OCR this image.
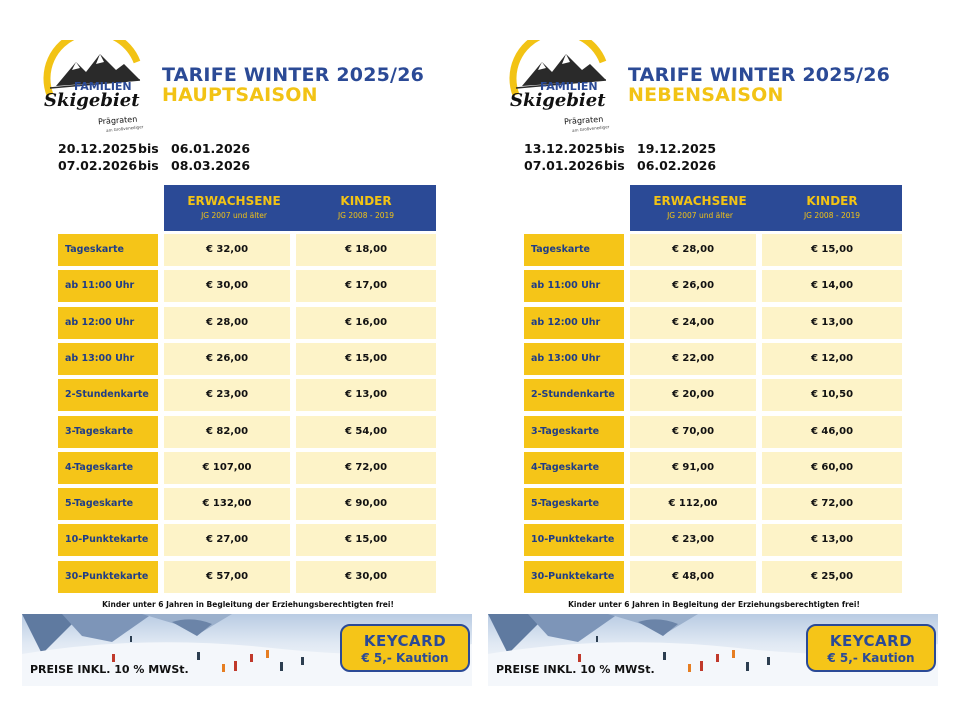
FAMILIEN
Skigebiet
Prägraten
am Großvenediger
TARIFE WINTER 2025/26
HAUPTSAISON
20.12.2025bis 06.01.2026
07.02.2026bis 08.03.2026
ERWACHSENE
JG 2007 und älter
KINDER
JG 2008 - 2019
Tageskarte	€ 32,00	€ 18,00
ab 11:00 Uhr	€ 30,00	€ 17,00
ab 12:00 Uhr	€ 28,00	€ 16,00
ab 13:00 Uhr	€ 26,00	€ 15,00
2-Stundenkarte	€ 23,00	€ 13,00
3-Tageskarte	€ 82,00	€ 54,00
4-Tageskarte	€ 107,00	€ 72,00
5-Tageskarte	€ 132,00	€ 90,00
10-Punktekarte	€ 27,00	€ 15,00
30-Punktekarte	€ 57,00	€ 30,00
Kinder unter 6 Jahren in Begleitung der Erziehungsberechtigten frei!
PREISE INKL. 10 % MWSt.
KEYCARD
€ 5,- Kaution
FAMILIEN
Skigebiet
Prägraten
am Großvenediger
TARIFE WINTER 2025/26
NEBENSAISON
13.12.2025bis 19.12.2025
07.01.2026bis 06.02.2026
ERWACHSENE
JG 2007 und älter
KINDER
JG 2008 - 2019
Tageskarte	€ 28,00	€ 15,00
ab 11:00 Uhr	€ 26,00	€ 14,00
ab 12:00 Uhr	€ 24,00	€ 13,00
ab 13:00 Uhr	€ 22,00	€ 12,00
2-Stundenkarte	€ 20,00	€ 10,50
3-Tageskarte	€ 70,00	€ 46,00
4-Tageskarte	€ 91,00	€ 60,00
5-Tageskarte	€ 112,00	€ 72,00
10-Punktekarte	€ 23,00	€ 13,00
30-Punktekarte	€ 48,00	€ 25,00
Kinder unter 6 Jahren in Begleitung der Erziehungsberechtigten frei!
PREISE INKL. 10 % MWSt.
KEYCARD
€ 5,- Kaution
